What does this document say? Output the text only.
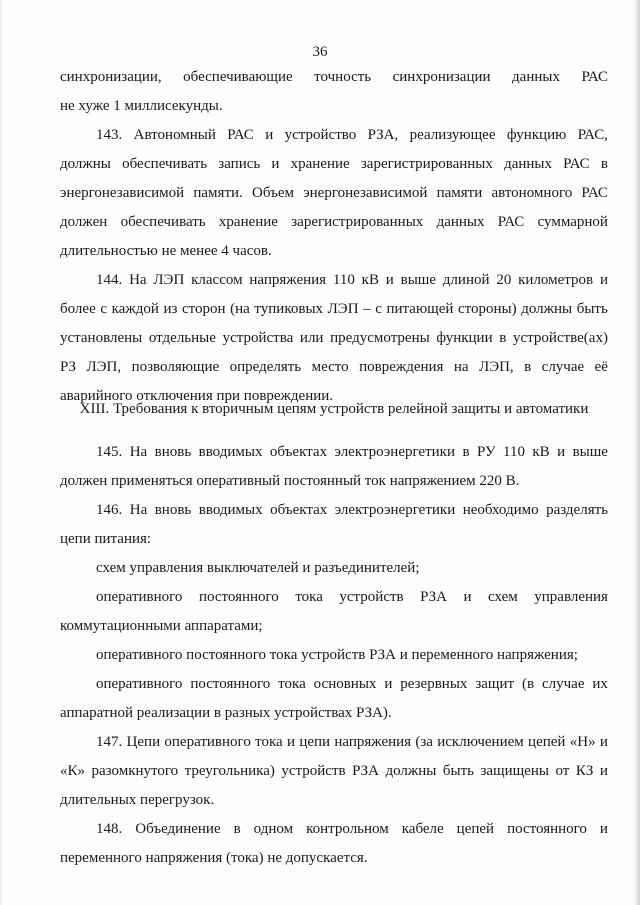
36
синхронизации, обеспечивающие точность синхронизации данных РАС
не хуже 1 миллисекунды.
143. Автономный РАС и устройство РЗА, реализующее функцию РАС,
должны обеспечивать запись и хранение зарегистрированных данных РАС в
энергонезависимой памяти. Объем энергонезависимой памяти автономного РАС
должен обеспечивать хранение зарегистрированных данных РАС суммарной
длительностью не менее 4 часов.
144. На ЛЭП классом напряжения 110 кВ и выше длиной 20 километров и
более с каждой из сторон (на тупиковых ЛЭП – с питающей стороны) должны быть
установлены отдельные устройства или предусмотрены функции в устройстве(ах)
РЗ ЛЭП, позволяющие определять место повреждения на ЛЭП, в случае её
аварийного отключения при повреждении.
XIII. Требования к вторичным цепям устройств релейной защиты и автоматики
145. На вновь вводимых объектах электроэнергетики в РУ 110 кВ и выше
должен применяться оперативный постоянный ток напряжением 220 В.
146. На вновь вводимых объектах электроэнергетики необходимо разделять
цепи питания:
схем управления выключателей и разъединителей;
оперативного постоянного тока устройств РЗА и схем управления
коммутационными аппаратами;
оперативного постоянного тока устройств РЗА и переменного напряжения;
оперативного постоянного тока основных и резервных защит (в случае их
аппаратной реализации в разных устройствах РЗА).
147. Цепи оперативного тока и цепи напряжения (за исключением цепей «Н» и
«К» разомкнутого треугольника) устройств РЗА должны быть защищены от КЗ и
длительных перегрузок.
148. Объединение в одном контрольном кабеле цепей постоянного и
переменного напряжения (тока) не допускается.
